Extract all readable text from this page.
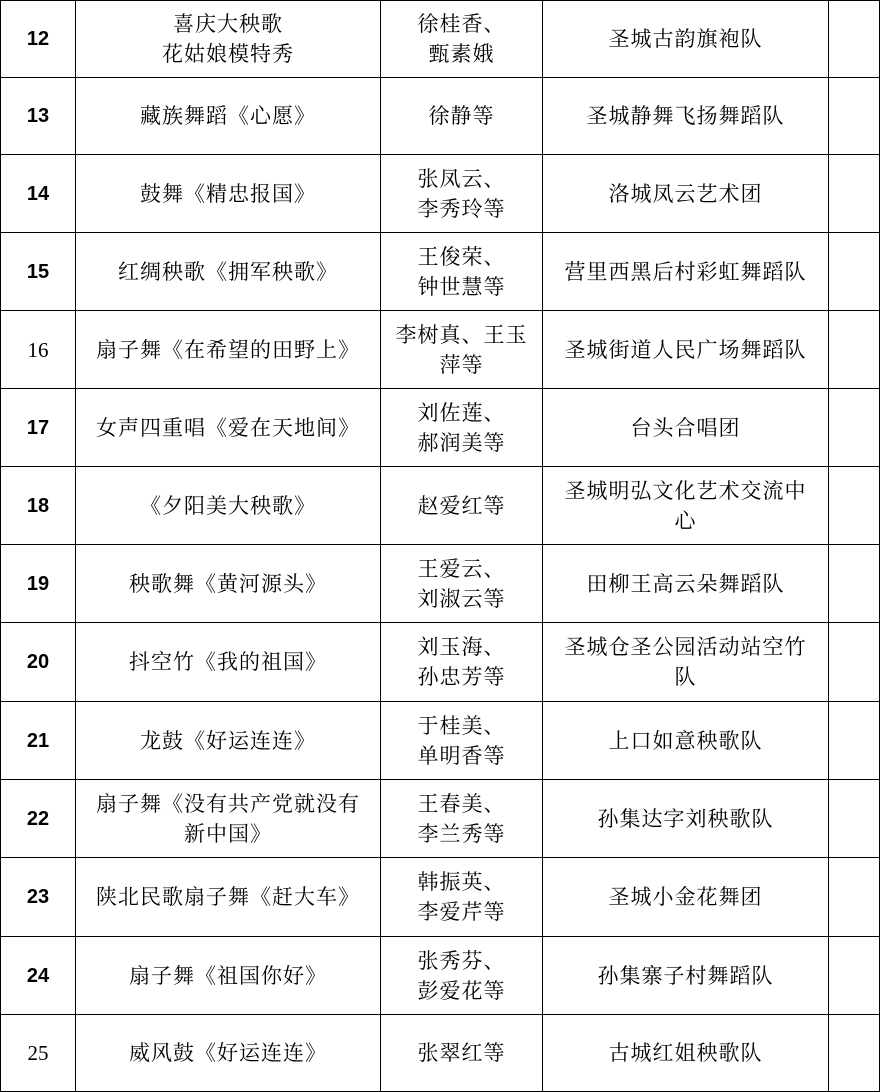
12	喜庆大秧歌
花姑娘模特秀	徐桂香、
甄素娥	圣城古韵旗袍队	

13	藏族舞蹈《心愿》	徐静等	圣城静舞飞扬舞蹈队	

14	鼓舞《精忠报国》	张凤云、
李秀玲等	洛城凤云艺术团	

15	红绸秧歌《拥军秧歌》	王俊荣、
钟世慧等	营里西黑后村彩虹舞蹈队	

16	扇子舞《在希望的田野上》	李树真、王玉
萍等	圣城街道人民广场舞蹈队	

17	女声四重唱《爱在天地间》	刘佐莲、
郝润美等	台头合唱团	

18	《夕阳美大秧歌》	赵爱红等	圣城明弘文化艺术交流中
心	

19	秧歌舞《黄河源头》	王爱云、
刘淑云等	田柳王高云朵舞蹈队	

20	抖空竹《我的祖国》	刘玉海、
孙忠芳等	圣城仓圣公园活动站空竹
队	

21	龙鼓《好运连连》	于桂美、
单明香等	上口如意秧歌队	

22	扇子舞《没有共产党就没有
新中国》	王春美、
李兰秀等	孙集达字刘秧歌队	

23	陕北民歌扇子舞《赶大车》	韩振英、
李爱芹等	圣城小金花舞团	

24	扇子舞《祖国你好》	张秀芬、
彭爱花等	孙集寨子村舞蹈队	

25	威风鼓《好运连连》	张翠红等	古城红姐秧歌队	
